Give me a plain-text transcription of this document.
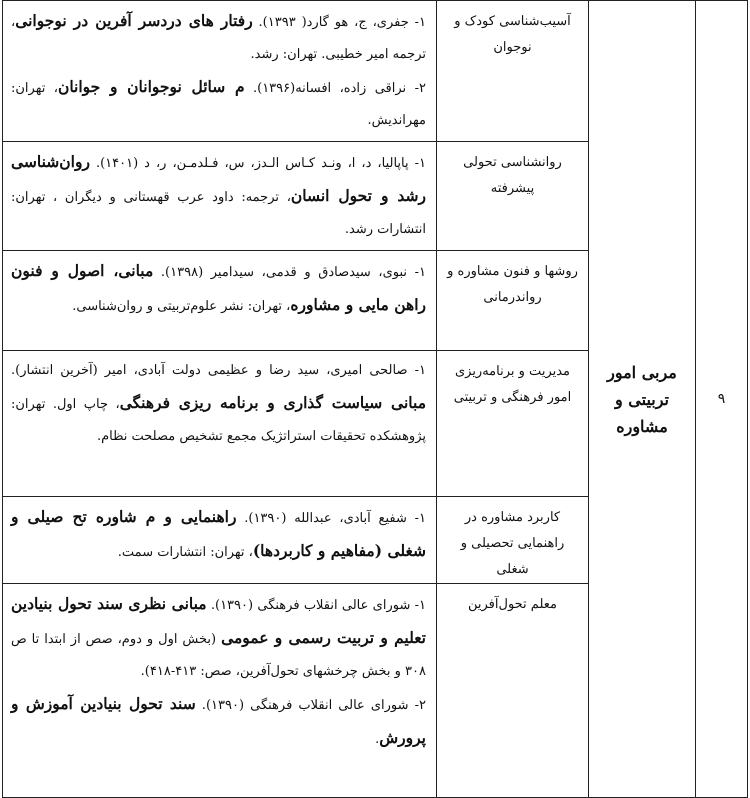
۹	مربی امور تربیتی و مشاوره	آسیب‌شناسی کودک و نوجوان	۱- جفری، ج، هو گارد( ۱۳۹۳). رفتار های دردسر آفرین در نوجوانی، ترجمه امیر خطیبی. تهران: رشد.

۲- نراقی زاده، افسانه(۱۳۹۶). م سائل نوجوانان و جوانان، تهران: مهراندیش.

		روانشناسی تحولی پیشرفته	۱- پاپالیا، د، ا، ونـد کـاس الـدز، س، فـلدمـن، ر، د (۱۴۰۱). روان‌شناسی رشد و تحول انسان، ترجمه: داود عرب قهستانی و دیگران ، تهران: انتشارات رشد.

		روشها و فنون مشاوره و رواندرمانی	۱- نبوی، سیدصادق و قدمی، سیدامیر (۱۳۹۸). مبانی، اصول و فنون راهن مایی و مشاوره، تهران: نشر علوم‌تربیتی و روان‌شناسی.

		مدیریت و برنامه‌ریزی امور فرهنگی و تربیتی	۱- صالحی امیری، سید رضا و عظیمی دولت آبادی، امیر (آخرین انتشار). مبانی سیاست گذاری و برنامه ریزی فرهنگی، چاپ اول. تهران: پژوهشکده تحقیقات استراتژیک مجمع تشخیص مصلحت نظام.

		کاربرد مشاوره در راهنمایی تحصیلی و شغلی	۱- شفیع آبادی، عبدالله (۱۳۹۰). راهنمایی و م شاوره تح صیلی و شغلی (مفاهیم و کاربردها)، تهران: انتشارات سمت.

		معلم تحول‌آفرین	۱- شورای عالی انقلاب فرهنگی (۱۳۹۰). مبانی نظری سند تحول بنیادین تعلیم و تربیت رسمی و عمومی (بخش اول و دوم، صص از ابتدا تا ص ۳۰۸ و بخش چرخشهای تحول‌آفرین، صص: ۴۱۳-۴۱۸).

۲- شورای عالی انقلاب فرهنگی (۱۳۹۰). سند تحول بنیادین آموزش و پرورش.
